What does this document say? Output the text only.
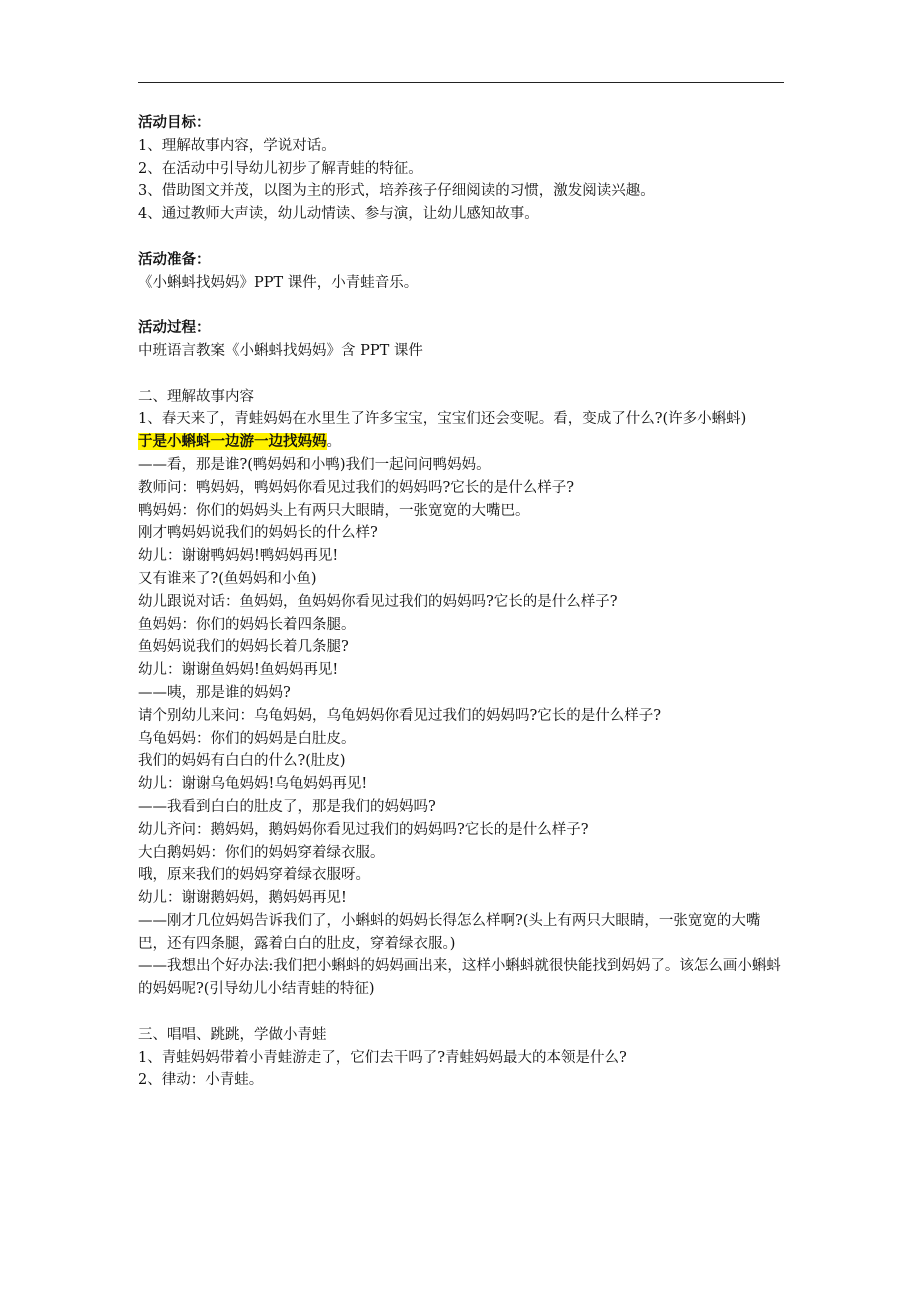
活动目标：
1、理解故事内容，学说对话。
2、在活动中引导幼儿初步了解青蛙的特征。
3、借助图文并茂，以图为主的形式，培养孩子仔细阅读的习惯，激发阅读兴趣。
4、通过教师大声读，幼儿动情读、参与演，让幼儿感知故事。
活动准备：
《小蝌蚪找妈妈》PPT 课件，小青蛙音乐。
活动过程：
中班语言教案《小蝌蚪找妈妈》含 PPT 课件
二、理解故事内容
1、春天来了，青蛙妈妈在水里生了许多宝宝，宝宝们还会变呢。看，变成了什么?(许多小蝌蚪)
于是小蝌蚪一边游一边找妈妈。
——看，那是谁?(鸭妈妈和小鸭)我们一起问问鸭妈妈。
教师问：鸭妈妈，鸭妈妈你看见过我们的妈妈吗?它长的是什么样子?
鸭妈妈：你们的妈妈头上有两只大眼睛，一张宽宽的大嘴巴。
刚才鸭妈妈说我们的妈妈长的什么样?
幼儿：谢谢鸭妈妈!鸭妈妈再见!
又有谁来了?(鱼妈妈和小鱼)
幼儿跟说对话：鱼妈妈，鱼妈妈你看见过我们的妈妈吗?它长的是什么样子?
鱼妈妈：你们的妈妈长着四条腿。
鱼妈妈说我们的妈妈长着几条腿?
幼儿：谢谢鱼妈妈!鱼妈妈再见!
——咦，那是谁的妈妈?
请个别幼儿来问：乌龟妈妈，乌龟妈妈你看见过我们的妈妈吗?它长的是什么样子?
乌龟妈妈：你们的妈妈是白肚皮。
我们的妈妈有白白的什么?(肚皮)
幼儿：谢谢乌龟妈妈!乌龟妈妈再见!
——我看到白白的肚皮了，那是我们的妈妈吗?
幼儿齐问：鹅妈妈，鹅妈妈你看见过我们的妈妈吗?它长的是什么样子?
大白鹅妈妈：你们的妈妈穿着绿衣服。
哦，原来我们的妈妈穿着绿衣服呀。
幼儿：谢谢鹅妈妈，鹅妈妈再见!
——刚才几位妈妈告诉我们了，小蝌蚪的妈妈长得怎么样啊?(头上有两只大眼睛，一张宽宽的大嘴巴，还有四条腿，露着白白的肚皮，穿着绿衣服。)
——我想出个好办法:我们把小蝌蚪的妈妈画出来，这样小蝌蚪就很快能找到妈妈了。该怎么画小蝌蚪的妈妈呢?(引导幼儿小结青蛙的特征)
三、唱唱、跳跳，学做小青蛙
1、青蛙妈妈带着小青蛙游走了，它们去干吗了?青蛙妈妈最大的本领是什么?
2、律动：小青蛙。
